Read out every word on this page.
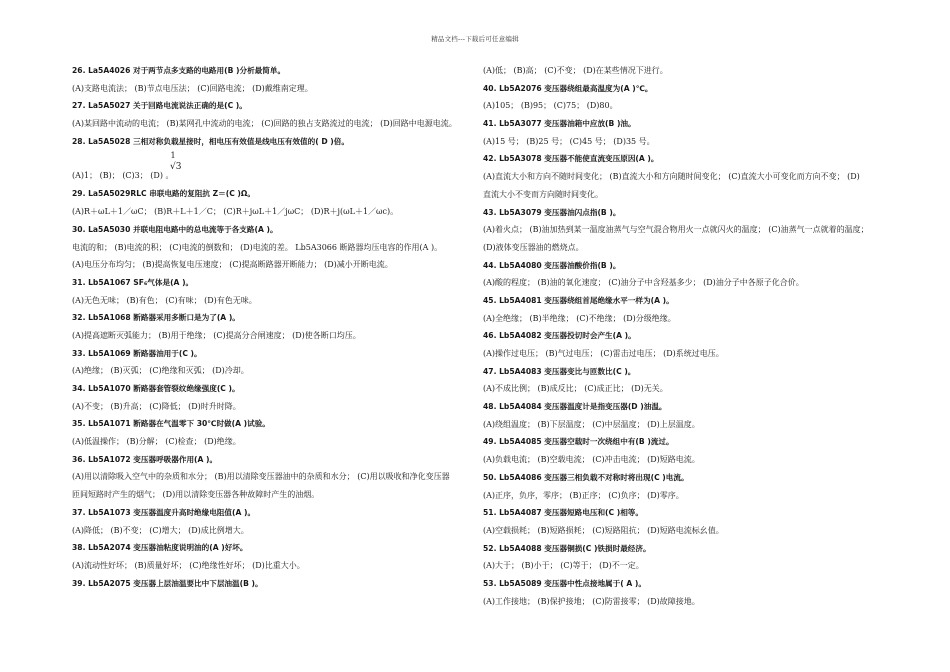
精品文档---下载后可任意编辑
26. La5A4026 对于两节点多支路的电路用(B )分析最简单。
(A)支路电流法； (B)节点电压法； (C)回路电流； (D)戴维南定理。
27. La5A5027 关于回路电流说法正确的是(C )。
(A)某回路中流动的电流； (B)某网孔中流动的电流； (C)回路的独占支路流过的电流； (D)回路中电源电流。
28. La5A5028 三相对称负载星接时，相电压有效值是线电压有效值的( D )倍。
1
√3
(A)1； (B)； (C)3； (D) 。
29. La5A5029RLC 串联电路的复阻抗 Z＝(C )Ω。
(A)R＋ωL＋1／ωC； (B)R＋L＋1／C； (C)R＋jωL＋1／jωC； (D)R＋j(ωL＋1／ωc)。
30. La5A5030 并联电阻电路中的总电流等于各支路(A )。
电流的和； (B)电流的积； (C)电流的倒数和； (D)电流的差。 Lb5A3066 断路器均压电容的作用(A )。
(A)电压分布均匀； (B)提高恢复电压速度； (C)提高断路器开断能力； (D)减小开断电流。
31. Lb5A1067 SF₆气体是(A )。
(A)无色无味； (B)有色； (C)有味； (D)有色无味。
32. Lb5A1068 断路器采用多断口是为了(A )。
(A)提高遮断灭弧能力； (B)用于绝缘； (C)提高分合闸速度； (D)使各断口均压。
33. Lb5A1069 断路器油用于(C )。
(A)绝缘； (B)灭弧； (C)绝缘和灭弧； (D)冷却。
34. Lb5A1070 断路器套管裂纹绝缘强度(C )。
(A)不变； (B)升高； (C)降低； (D)时升时降。
35. Lb5A1071 断路器在气温零下 30℃时做(A )试验。
(A)低温操作； (B)分解； (C)检查； (D)绝缘。
36. Lb5A1072 变压器呼吸器作用(A )。
(A)用以清除吸入空气中的杂质和水分； (B)用以清除变压器油中的杂质和水分； (C)用以吸收和净化变压器
匝间短路时产生的烟气； (D)用以清除变压器各种故障时产生的油烟。
37. Lb5A1073 变压器温度升高时绝缘电阻值(A )。
(A)降低； (B)不变； (C)增大； (D)成比例增大。
38. Lb5A2074 变压器油粘度说明油的(A )好坏。
(A)流动性好坏； (B)质量好坏； (C)绝缘性好坏； (D)比重大小。
39. Lb5A2075 变压器上层油温要比中下层油温(B )。
(A)低； (B)高； (C)不变； (D)在某些情况下进行。
40. Lb5A2076 变压器绕组最高温度为(A )℃。
(A)105； (B)95； (C)75； (D)80。
41. Lb5A3077 变压器油箱中应放(B )油。
(A)15 号； (B)25 号； (C)45 号； (D)35 号。
42. Lb5A3078 变压器不能使直流变压原因(A )。
(A)直流大小和方向不随时间变化； (B)直流大小和方向随时间变化； (C)直流大小可变化而方向不变； (D)
直流大小不变而方向随时间变化。
43. Lb5A3079 变压器油闪点指(B )。
(A)着火点； (B)油加热到某一温度油蒸气与空气混合物用火一点就闪火的温度； (C)油蒸气一点就着的温度；
(D)液体变压器油的燃烧点。
44. Lb5A4080 变压器油酸价指(B )。
(A)酸的程度； (B)油的氧化速度； (C)油分子中含羟基多少； (D)油分子中各原子化合价。
45. Lb5A4081 变压器绕组首尾绝缘水平一样为(A )。
(A)全绝缘； (B)半绝缘； (C)不绝缘； (D)分级绝缘。
46. Lb5A4082 变压器投切时会产生(A )。
(A)操作过电压； (B)气过电压； (C)雷击过电压； (D)系统过电压。
47. Lb5A4083 变压器变比与匝数比(C )。
(A)不成比例； (B)成反比； (C)成正比； (D)无关。
48. Lb5A4084 变压器温度计是指变压器(D )油温。
(A)绕组温度； (B)下层温度； (C)中层温度； (D)上层温度。
49. Lb5A4085 变压器空载时一次绕组中有(B )流过。
(A)负载电流； (B)空载电流； (C)冲击电流； (D)短路电流。
50. Lb5A4086 变压器三相负载不对称时将出现(C )电流。
(A)正序，负序，零序； (B)正序； (C)负序； (D)零序。
51. Lb5A4087 变压器短路电压和(C )相等。
(A)空载损耗； (B)短路损耗； (C)短路阻抗； (D)短路电流标幺值。
52. Lb5A4088 变压器铜损(C )铁损时最经济。
(A)大于； (B)小于； (C)等于； (D)不一定。
53. Lb5A5089 变压器中性点接地属于( A )。
(A)工作接地； (B)保护接地； (C)防雷接零； (D)故障接地。
